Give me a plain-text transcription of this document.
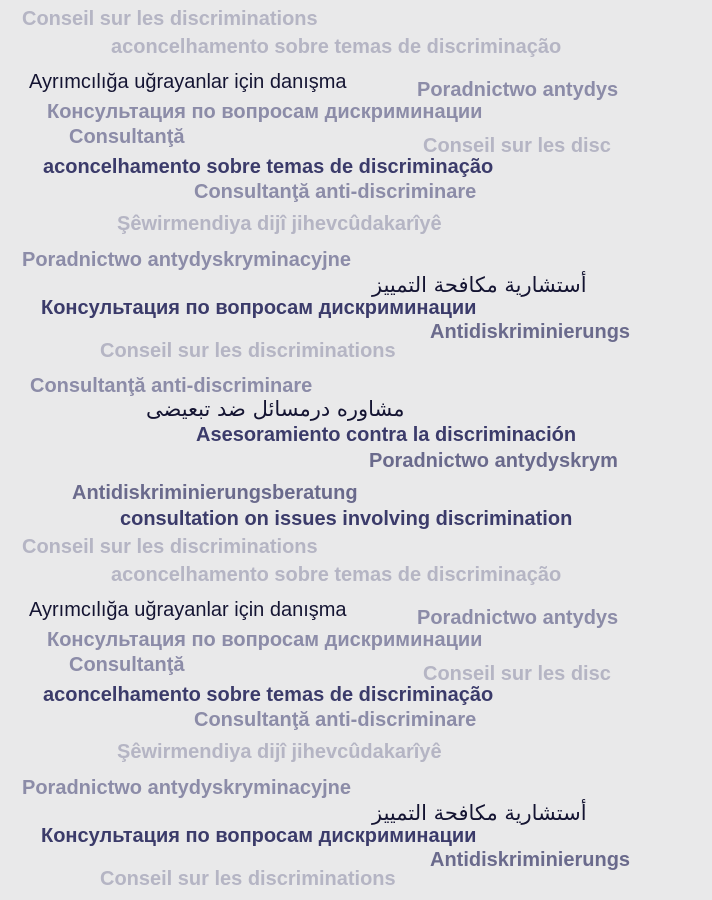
Conseil sur les discriminations
aconcelhamento sobre temas de discriminação
Ayrımcılığa uğrayanlar için danışma	Poradnictwo antydys
Консультация по вопросам дискриминации
Consultanţă	Conseil sur les disc
aconcelhamento sobre temas de discriminação
Consultanţă anti-discriminare
Şêwirmendiya dijî jihevcûdakarîyê
Poradnictwo antydyskryminacyjne
أستشارية مكافحة التمييز
Консультация по вопросам дискриминации
Antidiskriminierungs
Conseil sur les discriminations
Consultanţă anti-discriminare
مشاوره درمسائل ضد تبعیضی
Asesoramiento contra la discriminación
Poradnictwo antydyskrym
Antidiskriminierungsberatung
consultation on issues involving discrimination
Conseil sur les discriminations
aconcelhamento sobre temas de discriminação
Ayrımcılığa uğrayanlar için danışma	Poradnictwo antydys
Консультация по вопросам дискриминации
Consultanţă	Conseil sur les disc
aconcelhamento sobre temas de discriminação
Consultanţă anti-discriminare
Şêwirmendiya dijî jihevcûdakarîyê
Poradnictwo antydyskryminacyjne
أستشارية مكافحة التمييز
Консультация по вопросам дискриминации
Antidiskriminierungs
Conseil sur les discriminations
